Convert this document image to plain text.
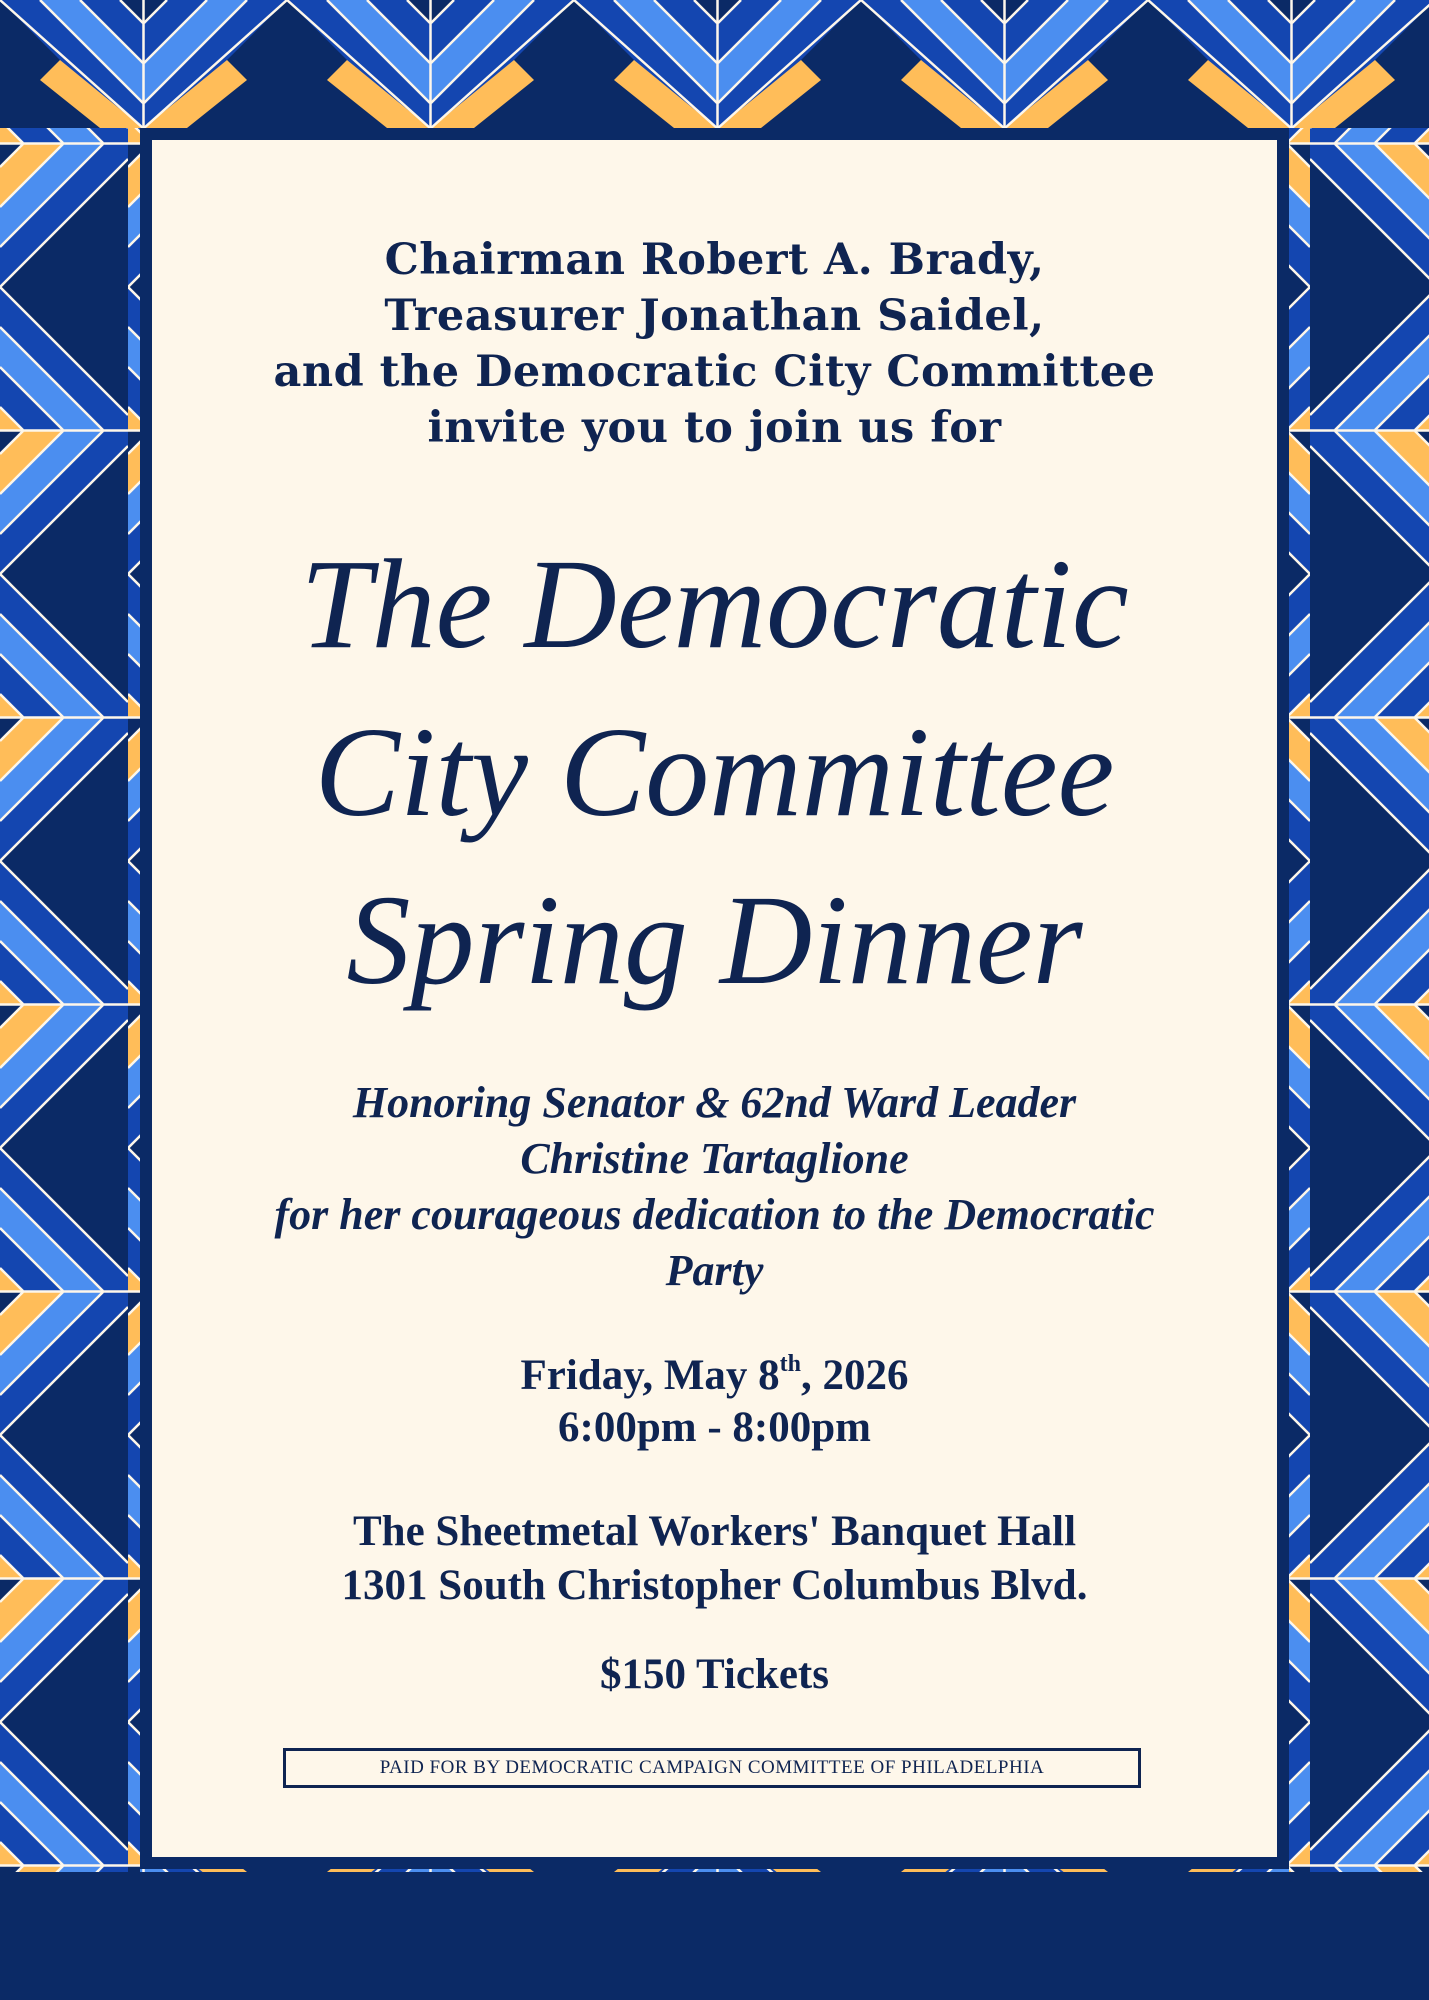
Chairman Robert A. Brady,
Treasurer Jonathan Saidel,
and the Democratic City Committee
invite you to join us for
The Democratic
City Committee
Spring Dinner
Honoring Senator & 62nd Ward Leader
Christine Tartaglione
for her courageous dedication to the Democratic
Party
Friday, May 8th, 2026
6:00pm - 8:00pm
The Sheetmetal Workers' Banquet Hall
1301 South Christopher Columbus Blvd.
$150 Tickets
PAID FOR BY DEMOCRATIC CAMPAIGN COMMITTEE OF PHILADELPHIA
